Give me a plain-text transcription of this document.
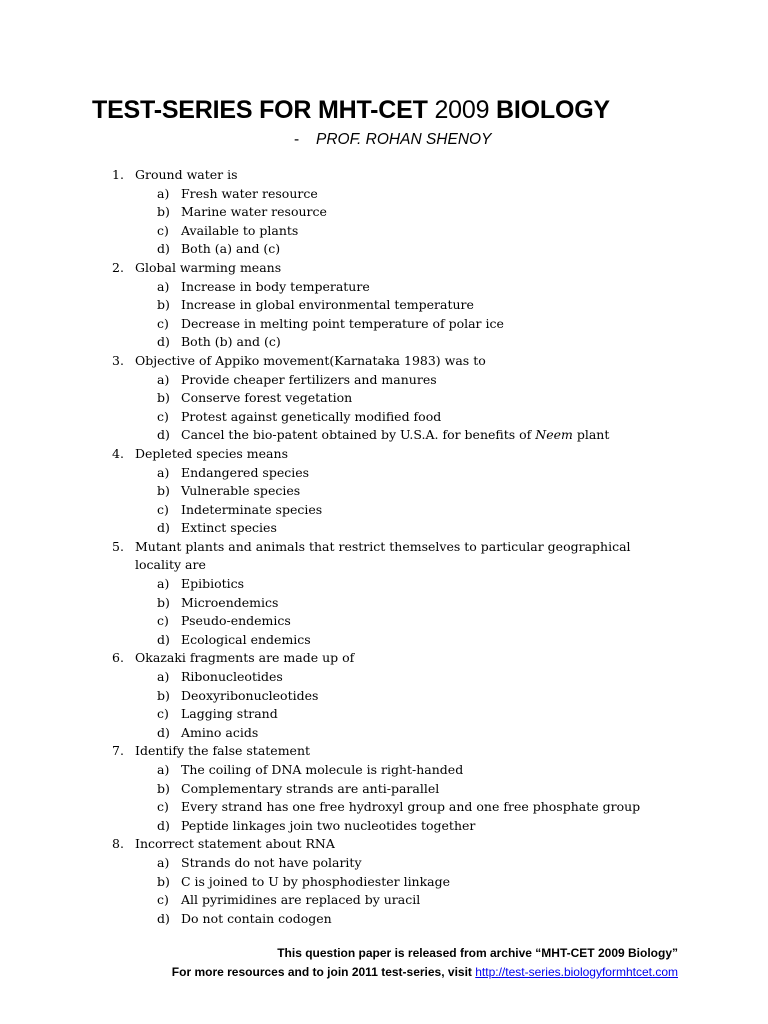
TEST-SERIES FOR MHT-CET 2009 BIOLOGY

- PROF. ROHAN SHENOY

1. Ground water is
a) Fresh water resource
b) Marine water resource
c) Available to plants
d) Both (a) and (c)
2. Global warming means
a) Increase in body temperature
b) Increase in global environmental temperature
c) Decrease in melting point temperature of polar ice
d) Both (b) and (c)
3. Objective of Appiko movement(Karnataka 1983) was to
a) Provide cheaper fertilizers and manures
b) Conserve forest vegetation
c) Protest against genetically modified food
d) Cancel the bio-patent obtained by U.S.A. for benefits of Neem plant
4. Depleted species means
a) Endangered species
b) Vulnerable species
c) Indeterminate species
d) Extinct species
5. Mutant plants and animals that restrict themselves to particular geographical locality are
a) Epibiotics
b) Microendemics
c) Pseudo-endemics
d) Ecological endemics
6. Okazaki fragments are made up of
a) Ribonucleotides
b) Deoxyribonucleotides
c) Lagging strand
d) Amino acids
7. Identify the false statement
a) The coiling of DNA molecule is right-handed
b) Complementary strands are anti-parallel
c) Every strand has one free hydroxyl group and one free phosphate group
d) Peptide linkages join two nucleotides together
8. Incorrect statement about RNA
a) Strands do not have polarity
b) C is joined to U by phosphodiester linkage
c) All pyrimidines are replaced by uracil
d) Do not contain codogen
This question paper is released from archive “MHT-CET 2009 Biology”
For more resources and to join 2011 test-series, visit http://test-series.biologyformhtcet.com
